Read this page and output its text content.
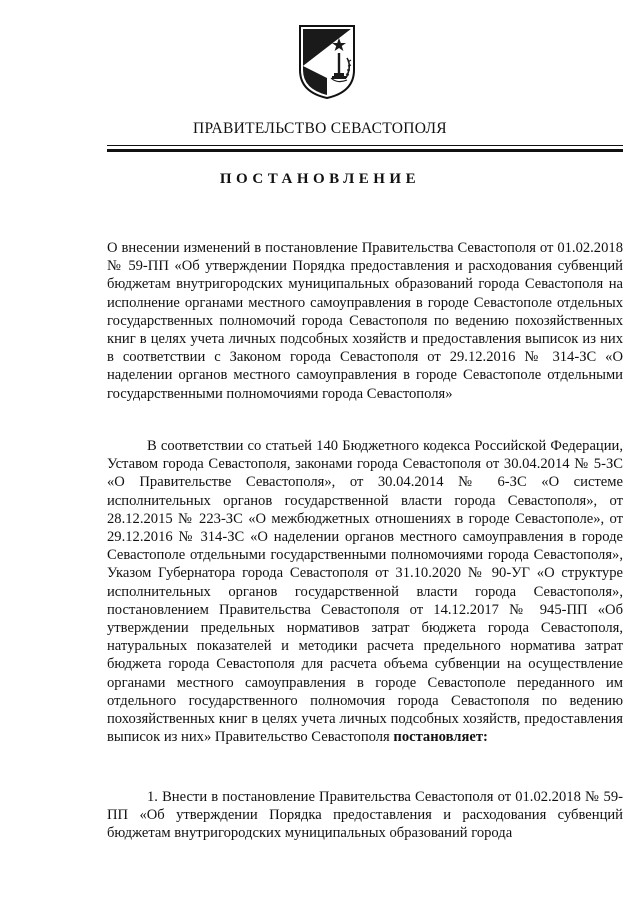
ПРАВИТЕЛЬСТВО СЕВАСТОПОЛЯ
ПОСТАНОВЛЕНИЕ
О внесении изменений в постановление Правительства Севастополя от 01.02.2018 № 59-ПП «Об утверждении Порядка предоставления и расходования субвенций бюджетам внутригородских муниципальных образований города Севастополя на исполнение органами местного самоуправления в городе Севастополе отдельных государственных полномочий города Севастополя по ведению похозяйственных книг в целях учета личных подсобных хозяйств и предоставления выписок из них в соответствии с Законом города Севастополя от 29.12.2016 № 314-ЗС «О наделении органов местного самоуправления в городе Севастополе отдельными государственными полномочиями города Севастополя»
В соответствии со статьей 140 Бюджетного кодекса Российской Федерации, Уставом города Севастополя, законами города Севастополя от 30.04.2014 № 5-ЗС «О Правительстве Севастополя», от 30.04.2014 № 6-ЗС «О системе исполнительных органов государственной власти города Севастополя», от 28.12.2015 № 223-ЗС «О межбюджетных отношениях в городе Севастополе», от 29.12.2016 № 314-ЗС «О наделении органов местного самоуправления в городе Севастополе отдельными государственными полномочиями города Севастополя», Указом Губернатора города Севастополя от 31.10.2020 № 90-УГ «О структуре исполнительных органов государственной власти города Севастополя», постановлением Правительства Севастополя от 14.12.2017 № 945-ПП «Об утверждении предельных нормативов затрат бюджета города Севастополя, натуральных показателей и методики расчета предельного норматива затрат бюджета города Севастополя для расчета объема субвенции на осуществление органами местного самоуправления в городе Севастополе переданного им отдельного государственного полномочия города Севастополя по ведению похозяйственных книг в целях учета личных подсобных хозяйств, предоставления выписок из них» Правительство Севастополя постановляет:
1. Внести в постановление Правительства Севастополя от 01.02.2018 № 59-ПП «Об утверждении Порядка предоставления и расходования субвенций бюджетам внутригородских муниципальных образований города
